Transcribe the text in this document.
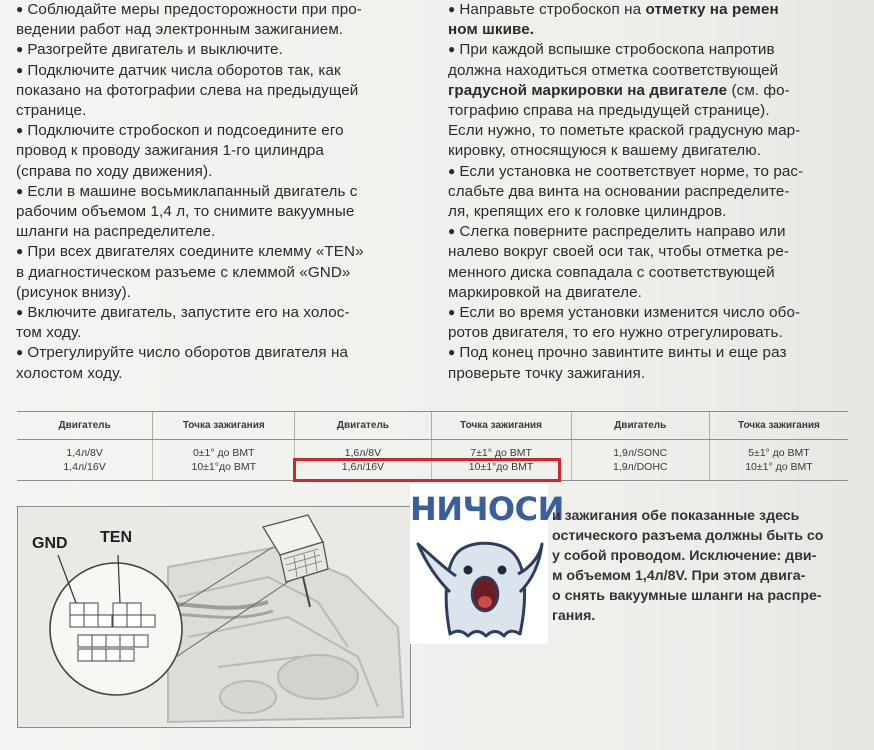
● Соблюдайте меры предосторожности при про-

ведении работ над электронным зажиганием.

● Разогрейте двигатель и выключите.

● Подключите датчик числа оборотов так, как

показано на фотографии слева на предыдущей

странице.

● Подключите стробоскоп и подсоедините его

провод к проводу зажигания 1-го цилиндра

(справа по ходу движения).

● Если в машине восьмиклапанный двигатель с

рабочим объемом 1,4 л, то снимите вакуумные

шланги на распределителе.

● При всех двигателях соедините клемму «TEN»

в диагностическом разъеме с клеммой «GND»

(рисунок внизу).

● Включите двигатель, запустите его на холос-

том ходу.

● Отрегулируйте число оборотов двигателя на

холостом ходу.

● Направьте стробоскоп на отметку на ремен

ном шкиве.

● При каждой вспышке стробоскопа напротив

должна находиться отметка соответствующей

градусной маркировки на двигателе (см. фо-

тографию справа на предыдущей странице).

Если нужно, то пометьте краской градусную мар-

кировку, относящуюся к вашему двигателю.

● Если установка не соответствует норме, то рас-

слабьте два винта на основании распределите-

ля, крепящих его к головке цилиндров.

● Слегка поверните распределить направо или

налево вокруг своей оси так, чтобы отметка ре-

менного диска совпадала с соответствующей

маркировкой на двигателе.

● Если во время установки изменится число обо-

ротов двигателя, то его нужно отрегулировать.

● Под конец прочно завинтите винты и еще раз

проверьте точку зажигания.

Двигатель	Точка зажигания	Двигатель	Точка зажигания	Двигатель	Точка зажигания
1,4л/8V	0±1° до ВМТ	1,6л/8V	7±1° до ВМТ	1,9л/SONC	5±1° до ВМТ
1,4л/16V	10±1°до ВМТ	1,6л/16V	10±1°до ВМТ	1,9л/DOHC	10±1° до ВМТ
GND TEN
НИЧОСИ

и зажигания обе показанные здесь

остического разъема должны быть со

у собой проводом. Исключение: дви-

м объемом 1,4л/8V. При этом двига-

о снять вакуумные шланги на распре-

гания.
